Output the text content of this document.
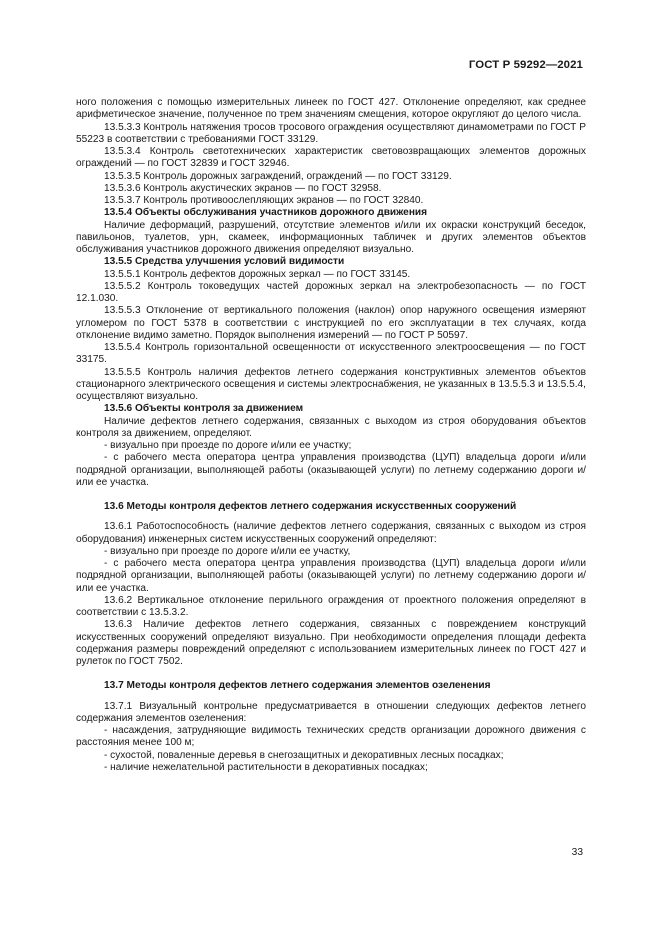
ГОСТ Р 59292—2021
ного положения с помощью измерительных линеек по ГОСТ 427. Отклонение определяют, как среднее арифметическое значение, полученное по трем значениям смещения, которое округляют до целого числа.
13.5.3.3 Контроль натяжения тросов тросового ограждения осуществляют динамометрами по ГОСТ Р 55223 в соответствии с требованиями ГОСТ 33129.
13.5.3.4 Контроль светотехнических характеристик световозвращающих элементов дорожных ограждений — по ГОСТ 32839 и ГОСТ 32946.
13.5.3.5 Контроль дорожных заграждений, ограждений — по ГОСТ 33129.
13.5.3.6 Контроль акустических экранов — по ГОСТ 32958.
13.5.3.7 Контроль противоослепляющих экранов — по ГОСТ 32840.
13.5.4 Объекты обслуживания участников дорожного движения
Наличие деформаций, разрушений, отсутствие элементов и/или их окраски конструкций беседок, павильонов, туалетов, урн, скамеек, информационных табличек и других элементов объектов обслуживания участников дорожного движения определяют визуально.
13.5.5 Средства улучшения условий видимости
13.5.5.1 Контроль дефектов дорожных зеркал — по ГОСТ 33145.
13.5.5.2 Контроль токоведущих частей дорожных зеркал на электробезопасность — по ГОСТ 12.1.030.
13.5.5.3 Отклонение от вертикального положения (наклон) опор наружного освещения измеряют угломером по ГОСТ 5378 в соответствии с инструкцией по его эксплуатации в тех случаях, когда отклонение видимо заметно. Порядок выполнения измерений — по ГОСТ Р 50597.
13.5.5.4 Контроль горизонтальной освещенности от искусственного электроосвещения — по ГОСТ 33175.
13.5.5.5 Контроль наличия дефектов летнего содержания конструктивных элементов объектов стационарного электрического освещения и системы электроснабжения, не указанных в 13.5.5.3 и 13.5.5.4, осуществляют визуально.
13.5.6 Объекты контроля за движением
Наличие дефектов летнего содержания, связанных с выходом из строя оборудования объектов контроля за движением, определяют.
- визуально при проезде по дороге и/или ее участку;
- с рабочего места оператора центра управления производства (ЦУП) владельца дороги и/или подрядной организации, выполняющей работы (оказывающей услуги) по летнему содержанию дороги и/или ее участка.
13.6 Методы контроля дефектов летнего содержания искусственных сооружений
13.6.1 Работоспособность (наличие дефектов летнего содержания, связанных с выходом из строя оборудования) инженерных систем искусственных сооружений определяют:
- визуально при проезде по дороге и/или ее участку,
- с рабочего места оператора центра управления производства (ЦУП) владельца дороги и/или подрядной организации, выполняющей работы (оказывающей услуги) по летнему содержанию дороги и/или ее участка.
13.6.2 Вертикальное отклонение перильного ограждения от проектного положения определяют в соответствии с 13.5.3.2.
13.6.3 Наличие дефектов летнего содержания, связанных с повреждением конструкций искусственных сооружений определяют визуально. При необходимости определения площади дефекта содержания размеры повреждений определяют с использованием измерительных линеек по ГОСТ 427 и рулеток по ГОСТ 7502.
13.7 Методы контроля дефектов летнего содержания элементов озеленения
13.7.1 Визуальный контрольне предусматривается в отношении следующих дефектов летнего содержания элементов озеленения:
- насаждения, затрудняющие видимость технических средств организации дорожного движения с расстояния менее 100 м;
- сухостой, поваленные деревья в снегозащитных и декоративных лесных посадках;
- наличие нежелательной растительности в декоративных посадках;
33
